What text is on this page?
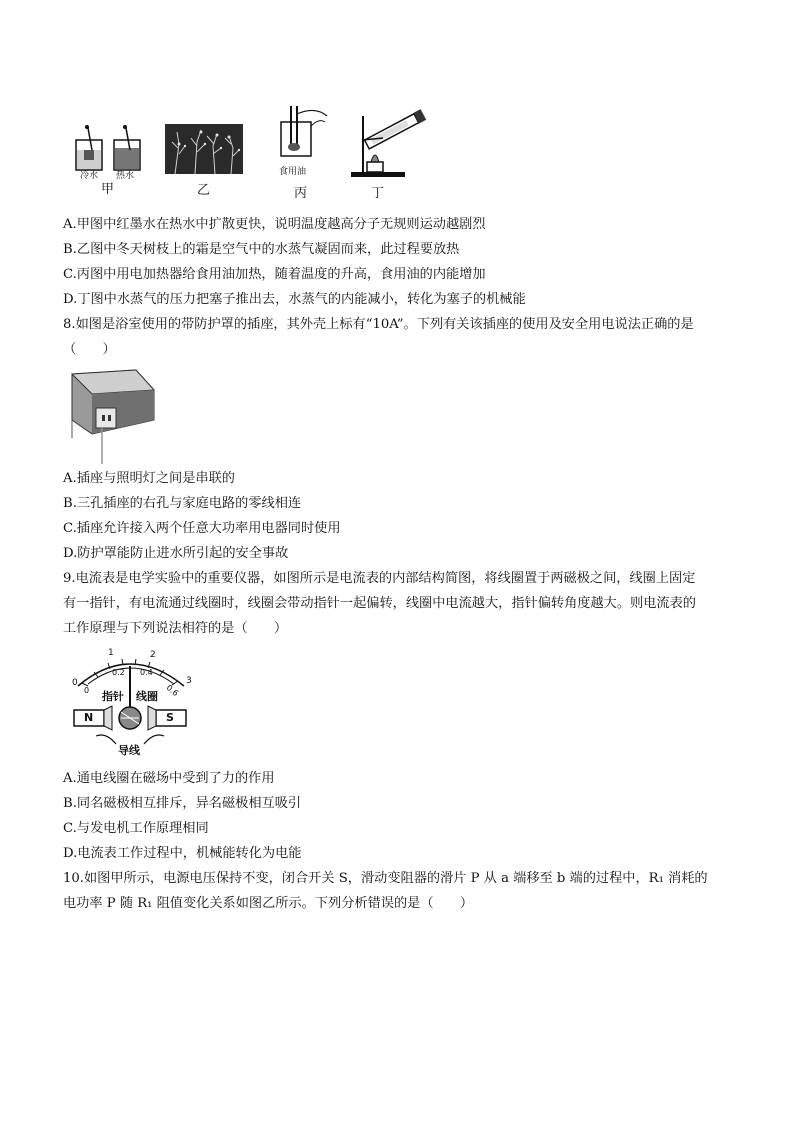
冷水 热水
甲	乙
食用油
丙	丁
A.甲图中红墨水在热水中扩散更快，说明温度越高分子无规则运动越剧烈
B.乙图中冬天树枝上的霜是空气中的水蒸气凝固而来，此过程要放热
C.丙图中用电加热器给食用油加热，随着温度的升高，食用油的内能增加
D.丁图中水蒸气的压力把塞子推出去，水蒸气的内能减小，转化为塞子的机械能
8.如图是浴室使用的带防护罩的插座，其外壳上标有“10A”。下列有关该插座的使用及安全用电说法正确的是
（　　）
A.插座与照明灯之间是串联的
B.三孔插座的右孔与家庭电路的零线相连
C.插座允许接入两个任意大功率用电器同时使用
D.防护罩能防止进水所引起的安全事故
9.电流表是电学实验中的重要仪器，如图所示是电流表的内部结构简图，将线圈置于两磁极之间，线圈上固定
有一指针，有电流通过线圈时，线圈会带动指针一起偏转，线圈中电流越大，指针偏转角度越大。则电流表的
工作原理与下列说法相符的是（　　）
1	2
0.2 0.4
0
0
3
0.6
指针 线圈
N	S
导线
A.通电线圈在磁场中受到了力的作用
B.同名磁极相互排斥，异名磁极相互吸引
C.与发电机工作原理相同
D.电流表工作过程中，机械能转化为电能
10.如图甲所示，电源电压保持不变，闭合开关 S，滑动变阻器的滑片 P 从 a 端移至 b 端的过程中，R₁ 消耗的
电功率 P 随 R₁ 阻值变化关系如图乙所示。下列分析错误的是（　　）
